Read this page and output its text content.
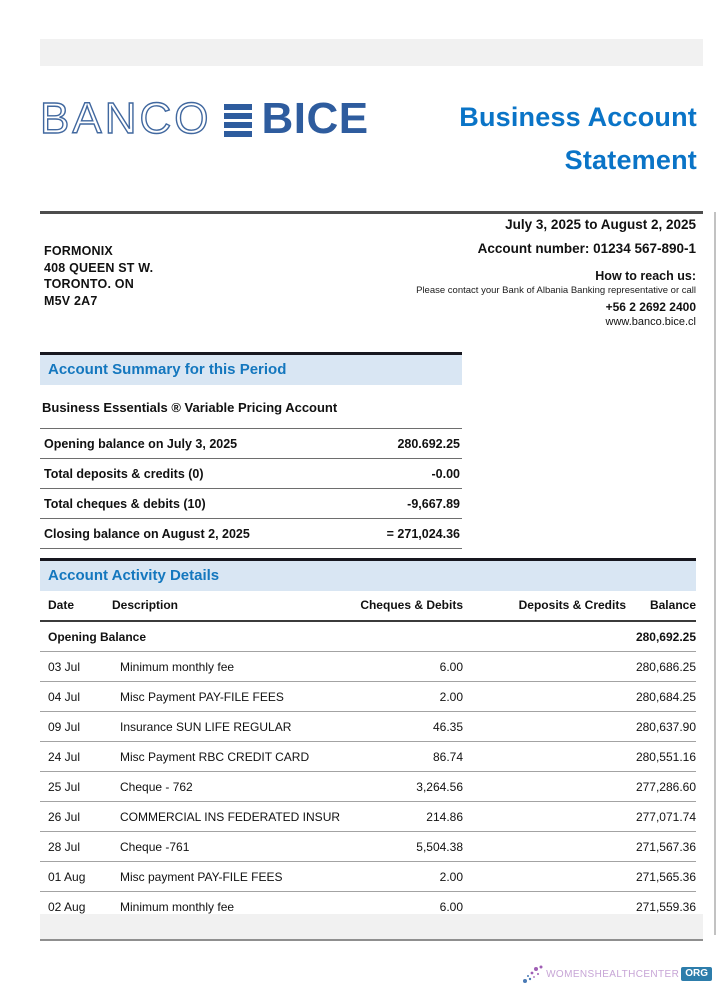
BANCO BICE	Business Account
Statement
July 3, 2025 to August 2, 2025
FORMONIX
408 QUEEN ST W.
TORONTO. ON
M5V 2A7
Account number: 01234 567-890-1
How to reach us:
Please contact your Bank of Albania Banking representative or call
+56 2 2692 2400
www.banco.bice.cl
Account Summary for this Period
Business Essentials ® Variable Pricing Account
Opening balance on July 3, 2025	280.692.25
Total deposits & credits (0)	-0.00
Total cheques & debits (10)	-9,667.89
Closing balance on August 2, 2025	= 271,024.36
Account Activity Details
Date	Description	Cheques & Debits	Deposits & Credits	Balance
Opening Balance				280,692.25
03 Jul	Minimum monthly fee	6.00		280,686.25
04 Jul	Misc Payment PAY-FILE FEES	2.00		280,684.25
09 Jul	Insurance SUN LIFE REGULAR	46.35		280,637.90
24 Jul	Misc Payment RBC CREDIT CARD	86.74		280,551.16
25 Jul	Cheque - 762	3,264.56		277,286.60
26 Jul	COMMERCIAL INS FEDERATED INSUR	214.86		277,071.74
28 Jul	Cheque -761	5,504.38		271,567.36
01 Aug	Misc payment PAY-FILE FEES	2.00		271,565.36
02 Aug	Minimum monthly fee	6.00		271,559.36
WOMENSHEALTHCENTER ORG
